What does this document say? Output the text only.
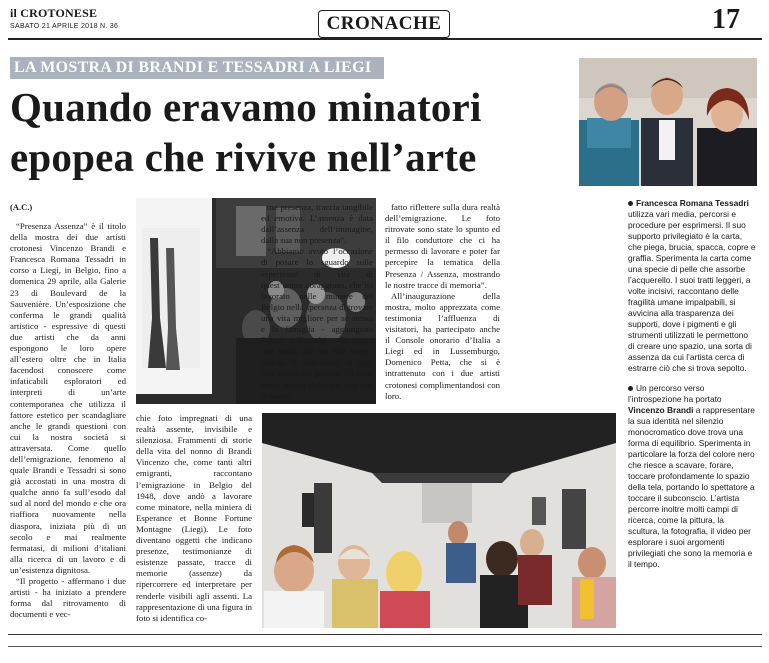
il CROTONESE
SABATO 21 APRILE 2018 N. 36	CRONACHE	17
LA MOSTRA DI BRANDI E TESSADRI A LIEGI
Quando eravamo minatori
epopea che rivive nell’arte
(A.C.)

“Presenza Assenza” è il titolo della mostra dei due artisti crotonesi Vincenzo Brandi e Francesca Romana Tessadri in corso a Liegi, in Belgio, fino a domenica 29 aprile, alla Galerie 23 di Boulevard de la Sauvenière. Un’esposizione che conferma le grandi qualità artistico - espressive di questi due artisti che da anni espongono le loro opere all’estero oltre che in Italia facendosi conoscere come infaticabili esploratori ed interpreti di un’arte contemporanea che utilizza il fattore estetico per scandagliare anche le grandi questioni con cui la nostra società si attraversata. Come quello dell’emigrazione, fenomeno al quale Brandi e Tessadri si sono già accostati in una mostra di qualche anno fa sull’esodo dal sud al nord del mondo e che ora riaffiora nuovamente nella diaspora, iniziata più di un secolo e mai realmente fermatasi, di milioni d’italiani alla ricerca di un lavoro e di un’esistenza dignitosa.

“Il progetto - affermano i due artisti - ha iniziato a prendere forma dal ritrovamento di documenti e vec-

me presenza, traccia tangibile ed emotiva. L’assenza è data dall’assenza dell’immagine, dalla sua non presenza”.

“Abbiamo avuto l’occasione di posare lo sguardo sulle esperienze di vita di quest’uomo coraggioso, che ha lavorato nelle miniere del Belgio nella speranza di trovare una vita migliore per se stesso e la famiglia - aggiungono Brandi e Tessadri -. Ci siamo resi conto che un ‘file rouge’ collega le migrazioni di oggi con quelle del passato. Ci sono molti aspetti della sua vita che ci hanno

fatto riflettere sulla dura realtà dell’emigrazione. Le foto ritrovate sono state lo spunto ed il filo conduttore che ci ha permesso di lavorare e poter far percepire la tematica della Presenza / Assenza, mostrando le nostre tracce di memoria”.

All’inaugurazione della mostra, molto apprezzata come testimonia l’affluenza di visitatori, ha partecipato anche il Console onorario d’Italia a Liegi ed in Lussemburgo, Domenico Petta, che si è intrattenuto con i due artisti crotonesi complimentandosi con loro.

chie foto impregnati di una realtà assente, invisibile e silenziosa. Frammenti di storie della vita del nonno di Brandi Vincenzo che, come tanti altri emigranti, raccontano l’emigrazione in Belgio del 1948, dove andò a lavorare come minatore, nella miniera di Esperance et Bonne Fortune Montagne (Liegi). Le foto diventano oggetti che indicano presenze, testimonianze di esistenze passate, tracce di memorie (assenze) da ripercorrere ed interpretare per renderle visibili agli assenti. La rappresentazione di una figura in foto si identifica co-

Francesca Romana Tessadri utilizza vari media, percorsi e procedure per esprimersi. Il suo supporto privilegiato è la carta, che piega, brucia, spacca, copre e graffia. Sperimenta la carta come una specie di pelle che assorbe l’acquerello. I suoi tratti leggeri, a volte incisivi, raccontano delle fragilità umane impalpabili, si avvicina alla trasparenza dei supporti, dove i pigmenti e gli strumenti utilizzati le permettono di creare uno spazio, una sorta di assenza da cui l’artista cerca di estrarre ciò che si trova sepolto.

Un percorso verso l’introspezione ha portato Vincenzo Brandi a rappresentare la sua identità nel silenzio monocromatico dove trova una forma di equilibrio. Sperimenta in particolare la forza del colore nero che riesce a scavare, forare, toccare profondamente lo spazio della tela, portando lo spettatore a toccare il subconscio. L’artista percorre inoltre molti campi di ricerca, come la pittura, la scultura, la fotografia, il video per esplorare i suoi argomenti privilegiati che sono la memoria e il tempo.
